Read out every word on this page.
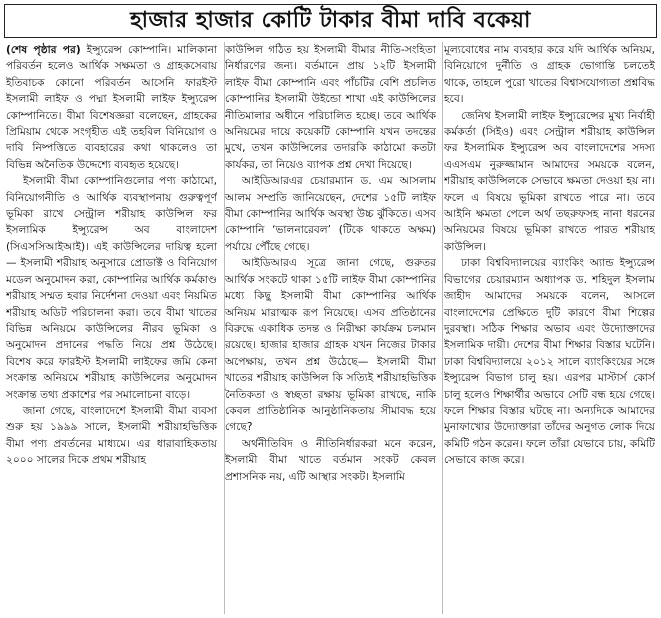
হাজার হাজার কোটি টাকার বীমা দাবি বকেয়া

(শেষ পৃষ্ঠার পর) ইন্স্যুরেন্স কোম্পানি। মালিকানা পরিবর্তন হলেও আর্থিক সক্ষমতা ও গ্রাহকসেবায় ইতিবাচক কোনো পরিবর্তন আসেনি ফারইস্ট ইসলামী লাইফ ও পদ্মা ইসলামী লাইফ ইন্স্যুরেন্স কোম্পানিতে। বীমা বিশেষজ্ঞরা বলেছেন, গ্রাহকের প্রিমিয়াম থেকে সংগৃহীত এই তহবিল বিনিয়োগ ও দাবি নিষ্পত্তিতে ব্যবহারের কথা থাকলেও তা বিভিন্ন অনৈতিক উদ্দেশ্যে ব্যবহৃত হয়েছে।

ইসলামী বীমা কোম্পানিগুলোর পণ্য কাঠামো, বিনিয়োগনীতি ও আর্থিক ব্যবস্থাপনায় গুরুত্বপূর্ণ ভূমিকা রাখে সেন্ট্রাল শরীয়াহ কাউন্সিল ফর ইসলামিক ইন্স্যুরেন্স অব বাংলাদেশ (সিএসসিআইআই)। এই কাউন্সিলের দায়িত্ব হলো— ইসলামী শরীয়াহ অনুসারে প্রোডাক্ট ও বিনিয়োগ মডেল অনুমোদন করা, কোম্পানির আর্থিক কর্মকাণ্ড শরীয়াহ সম্মত হবার নির্দেশনা দেওয়া এবং নিয়মিত শরীয়াহ অডিট পরিচালনা করা। তবে বীমা খাতের বিভিন্ন অনিয়মে কাউন্সিলের নীরব ভূমিকা ও অনুমোদন প্রদানের পদ্ধতি নিয়ে প্রশ্ন উঠেছে। বিশেষ করে ফারইস্ট ইসলামী লাইফের জমি কেনা সংক্রান্ত অনিয়মে শরীয়াহ কাউন্সিলের অনুমোদন সংক্রান্ত তথ্য প্রকাশের পর সমালোচনা বাড়ে।

জানা গেছে, বাংলাদেশে ইসলামী বীমা ব্যবসা শুরু হয় ১৯৯৯ সালে, ইসলামী শরীয়াহভিত্তিক বীমা পণ্য প্রবর্তনের মাধ্যমে। এর ধারাবাহিকতায় ২০০০ সালের দিকে প্রথম শরীয়াহ

কাউন্সিল গঠিত হয় ইসলামী বীমার নীতি-সংহিতা নির্ধারণের জন্য। বর্তমানে প্রায় ১২টি ইসলামী লাইফ বীমা কোম্পানি এবং পাঁচটির বেশি প্রচলিত কোম্পানির ইসলামী উইন্ডো শাখা এই কাউন্সিলের নীতিমালার অধীনে পরিচালিত হচ্ছে। তবে আর্থিক অনিয়মের দায়ে কয়েকটি কোম্পানি যখন তদন্তের মুখে, তখন কাউন্সিলের তদারকি কাঠামো কতটা কার্যকর, তা নিয়েও ব্যাপক প্রশ্ন দেখা দিয়েছে।

আইডিআরএর চেয়ারম্যান ড. এম আসলাম আলম সম্প্রতি জানিয়েছেন, দেশের ১৫টি লাইফ বীমা কোম্পানির আর্থিক অবস্থা উচ্চ ঝুঁকিতে। এসব কোম্পানি ‘ভালনারেবল’ (টিকে থাকতে অক্ষম) পর্যায়ে পৌঁছে গেছে।

আইডিআরএ সূত্রে জানা গেছে, গুরুতর আর্থিক সংকটে থাকা ১৫টি লাইফ বীমা কোম্পানির মধ্যে কিছু ইসলামী বীমা কোম্পানির আর্থিক অনিয়ম মারাত্মক রূপ নিয়েছে। এসব প্রতিষ্ঠানের বিরুদ্ধে একাধিক তদন্ত ও নিরীক্ষা কার্যক্রম চলমান রয়েছে। হাজার হাজার গ্রাহক যখন নিজের টাকার অপেক্ষায়, তখন প্রশ্ন উঠেছে— ইসলামী বীমা খাতের শরীয়াহ কাউন্সিল কি সত্যিই শরীয়াহভিত্তিক নৈতিকতা ও স্বচ্ছতা রক্ষায় ভূমিকা রাখছে, নাকি কেবল প্রাতিষ্ঠানিক আনুষ্ঠানিকতায় সীমাবদ্ধ হয়ে গেছে?

অর্থনীতিবিদ ও নীতিনির্ধারকরা মনে করেন, ইসলামী বীমা খাতে বর্তমান সংকট কেবল প্রশাসনিক নয়, এটি আস্থার সংকট। ইসলামি

মূল্যবোধের নাম ব্যবহার করে যদি আর্থিক অনিয়ম, বিনিয়োগে দুর্নীতি ও গ্রাহক ভোগান্তি চলতেই থাকে, তাহলে পুরো খাতের বিশ্বাসযোগ্যতা প্রশ্নবিদ্ধ হবে।

জেনিথ ইসলামী লাইফ ইন্স্যুরেন্সের মুখ্য নির্বাহী কর্মকর্তা (সিইও) এবং সেন্ট্রাল শরীয়াহ কাউন্সিল ফর ইসলামিক ইন্স্যুরেন্স অব বাংলাদেশের সদস্য এএসএম নুরুজ্জামান আমাদের সময়কে বলেন, শরীয়াহ কাউন্সিলকে সেভাবে ক্ষমতা দেওয়া হয় না। ফলে এ বিষয়ে ভূমিকা রাখতে পারে না। তবে আইনি ক্ষমতা পেলে অর্থ তছরুফসহ নানা ধরনের অনিয়মের বিষয়ে ভূমিকা রাখতে পারত শরীয়াহ কাউন্সিল।

ঢাকা বিশ্ববিদ্যালয়ের ব্যাংকিং অ্যান্ড ইন্স্যুরেন্স বিভাগের চেয়ারম্যান অধ্যাপক ড. শহিদুল ইসলাম জাহীদ আমাদের সময়কে বলেন, আসলে বাংলাদেশের প্রেক্ষিতে দুটি কারণে বীমা শিল্পের দুরবস্থা। সঠিক শিক্ষার অভাব এবং উদ্যোক্তাদের ইসলামিক দায়ী। দেশের বীমা শিক্ষার বিস্তার ঘটেনি। ঢাকা বিশ্ববিদ্যালয়ে ২০১২ সালে ব্যাংকিংয়ের সঙ্গে ইন্স্যুরেন্স বিভাগ চালু হয়। এরপর মাস্টার্স কোর্স চালু হলেও শিক্ষার্থীর অভাবে সেটি বন্ধ হয়ে গেছে। ফলে শিক্ষার বিস্তার ঘটছে না। অন্যদিকে আমাদের মুনাফাখোর উদ্যোক্তারা তাঁদের অনুগত লোক দিয়ে কমিটি গঠন করেন। ফলে তাঁরা যেভাবে চায়, কমিটি সেভাবে কাজ করে।
